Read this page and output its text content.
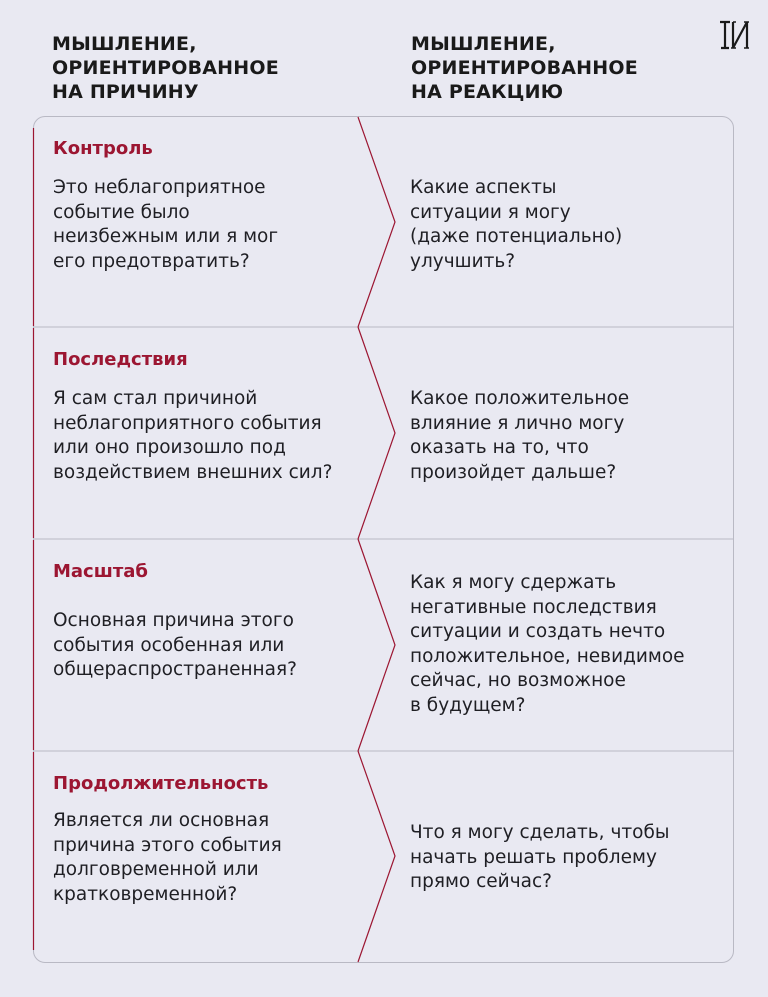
МЫШЛЕНИЕ,
ОРИЕНТИРОВАННОЕ
НА ПРИЧИНУ
МЫШЛЕНИЕ,
ОРИЕНТИРОВАННОЕ
НА РЕАКЦИЮ
Контроль
Это неблагоприятное
событие было
неизбежным или я мог
его предотвратить?
Какие аспекты
ситуации я могу
(даже потенциально)
улучшить?
Последствия
Я сам стал причиной
неблагоприятного события
или оно произошло под
воздействием внешних сил?
Какое положительное
влияние я лично могу
оказать на то, что
произойдет дальше?
Масштаб
Основная причина этого
события особенная или
общераспространенная?
Как я могу сдержать
негативные последствия
ситуации и создать нечто
положительное, невидимое
сейчас, но возможное
в будущем?
Продолжительность
Является ли основная
причина этого события
долговременной или
кратковременной?
Что я могу сделать, чтобы
начать решать проблему
прямо сейчас?
